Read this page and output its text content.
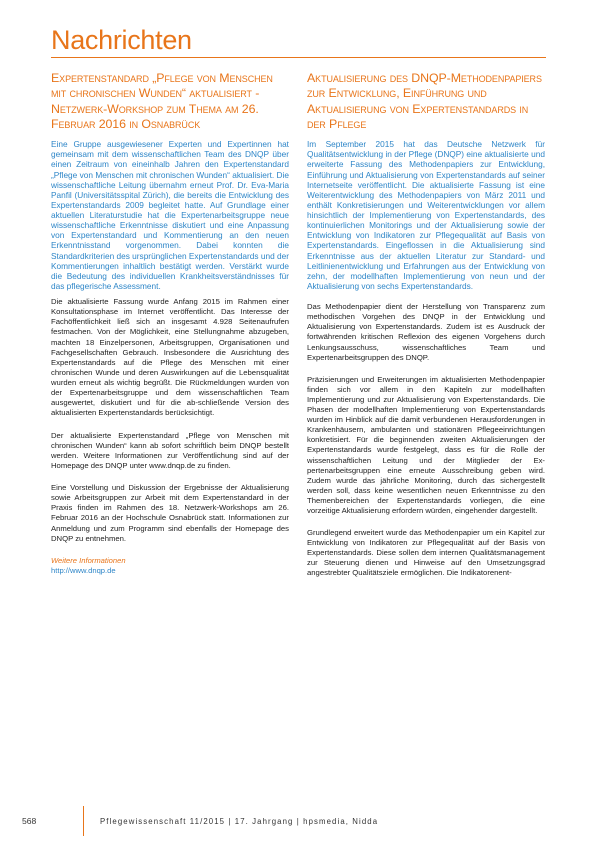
Nachrichten
Expertenstandard „Pflege von Menschen mit chronischen Wunden“ aktualisiert - Netzwerk-Workshop zum Thema am 26. Februar 2016 in Osnabrück

Eine Gruppe ausgewiesener Experten und Expertinnen hat gemeinsam mit dem wissenschaftlichen Team des DNQP über einen Zeitraum von eineinhalb Jahren den Expertenstandard „Pflege von Menschen mit chronischen Wunden“ aktualisiert. Die wissenschaftliche Leitung übernahm erneut Prof. Dr. Eva-Maria Panfil (Universitätsspital Zürich), die bereits die Entwicklung des Expertenstandards 2009 begleitet hatte. Auf Grundlage einer aktuellen Literaturstudie hat die Expertenarbeitsgruppe neue wissenschaftliche Erkenntnisse diskutiert und eine Anpassung von Expertenstandard und Kommentierung an den neuen Erkenntnisstand vorgenommen. Dabei konnten die Standardkriterien des ursprünglichen Expertenstandards und der Kommentierungen inhaltlich bestätigt werden. Verstärkt wurde die Bedeutung des individuellen Krankheitsverständnisses für das pflegerische Assessment.

Die aktualisierte Fassung wurde Anfang 2015 im Rahmen einer Konsultationsphase im Internet veröffentlicht. Das Interesse der Fachöffentlichkeit ließ sich an insgesamt 4.928 Seitenaufrufen festmachen. Von der Möglichkeit, eine Stellungnahme abzugeben, machten 18 Einzelpersonen, Arbeitsgruppen, Organisationen und Fachgesellschaften Gebrauch. Insbesondere die Ausrichtung des Expertenstandards auf die Pflege des Menschen mit einer chronischen Wunde und deren Auswirkungen auf die Lebensqualität wurden erneut als wichtig begrüßt. Die Rückmeldungen wurden von der Expertenarbeitsgruppe und dem wissenschaftlichen Team ausgewertet, diskutiert und für die ab-schließende Version des aktualisierten Expertenstandards berücksichtigt.

Der aktualisierte Expertenstandard „Pflege von Menschen mit chronischen Wunden“ kann ab sofort schriftlich beim DNQP bestellt werden. Weitere Informationen zur Veröffentlichung sind auf der Homepage des DNQP unter www.dnqp.de zu finden.

Eine Vorstellung und Diskussion der Ergebnisse der Aktualisierung sowie Arbeitsgruppen zur Arbeit mit dem Expertenstandard in der Praxis finden im Rahmen des 18. Netzwerk-Workshops am 26. Februar 2016 an der Hochschule Osnabrück statt. Informationen zur Anmeldung und zum Programm sind ebenfalls der Homepage des DNQP zu entnehmen.

Weitere Informationen
http://www.dnqp.de
Aktualisierung des DNQP-Methodenpapiers zur Entwicklung, Einführung und Aktualisierung von Expertenstandards in der Pflege

Im September 2015 hat das Deutsche Netzwerk für Qualitätsentwicklung in der Pflege (DNQP) eine aktualisierte und erweiterte Fassung des Methodenpapiers zur Entwicklung, Einführung und Aktualisierung von Expertenstandards auf seiner Internetseite veröffentlicht. Die aktualisierte Fassung ist eine Weiterentwicklung des Methodenpapiers von März 2011 und enthält Konkretisierungen und Weiterentwicklungen vor allem hinsichtlich der Implementierung von Expertenstandards, des kontinuierlichen Monitorings und der Aktualisierung sowie der Entwicklung von Indikatoren zur Pflegequalität auf Basis von Expertenstandards. Eingeflossen in die Aktualisierung sind Erkenntnisse aus der aktuellen Literatur zur Standard- und Leitlinienentwicklung und Erfahrungen aus der Entwicklung von zehn, der modellhaften Implementierung von neun und der Aktualisierung von sechs Expertenstandards.

Das Methodenpapier dient der Herstellung von Transparenz zum methodischen Vorgehen des DNQP in der Entwicklung und Aktualisierung von Expertenstandards. Zudem ist es Ausdruck der fortwährenden kritischen Reflexion des eigenen Vorgehens durch Lenkungsausschuss, wissenschaftliches Team und Expertenarbeitsgruppen des DNQP.

Präzisierungen und Erweiterungen im aktualisierten Methodenpapier finden sich vor allem in den Kapiteln zur modellhaften Implementierung und zur Aktualisierung von Expertenstandards. Die Phasen der modellhaften Implementierung von Expertenstandards wurden im Hinblick auf die damit verbundenen Herausforderungen in Krankenhäusern, ambulanten und stationären Pflegeeinrichtungen konkretisiert. Für die beginnenden zweiten Aktualisierungen der Expertenstandards wurde festgelegt, dass es für die Rolle der wissenschaftlichen Leitung und der Mitglieder der Ex-pertenarbeitsgruppen eine erneute Ausschreibung geben wird. Zudem wurde das jährliche Monitoring, durch das sichergestellt werden soll, dass keine wesentlichen neuen Erkenntnisse zu den Themenbereichen der Expertenstandards vorliegen, die eine vorzeitige Aktualisierung erfordern würden, eingehender dargestellt.

Grundlegend erweitert wurde das Methodenpapier um ein Kapitel zur Entwicklung von Indikatoren zur Pflegequalität auf der Basis von Expertenstandards. Diese sollen dem internen Qualitätsmanagement zur Steuerung dienen und Hinweise auf den Umsetzungsgrad angestrebter Qualitätsziele ermöglichen. Die Indikatorenent-

568	Pflegewissenschaft 11/2015 | 17. Jahrgang | hpsmedia, Nidda
